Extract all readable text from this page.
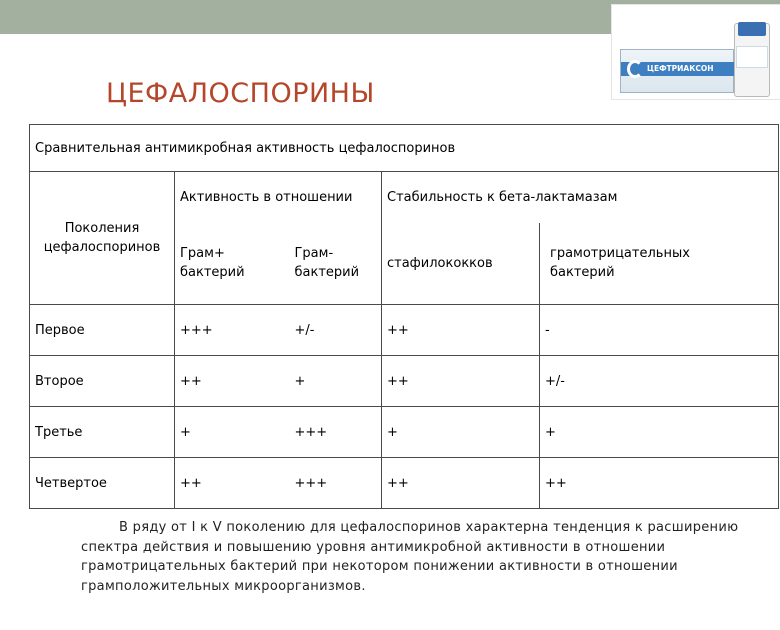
ЦЕФАЛОСПОРИНЫ
ЦЕФТРИАКСОН
Сравнительная антимикробная активность цефалоспоринов				
Поколения цефалоспоринов	Активность в отношении		Стабильность к бета-лактамазам	
	Грам+ бактерий	Грам- бактерий	стафилококков	грамотрицательных бактерий
Первое	+++	+/-	++	-
Второе	++	+	++	+/-
Третье	+	+++	+	+
Четвертое	++	+++	++	++

В ряду от I к V поколению для цефалоспоринов характерна тенденция к расширению спектра действия и повышению уровня антимикробной активности в отношении грамотрицательных бактерий при некотором понижении активности в отношении грамположительных микроорганизмов.
